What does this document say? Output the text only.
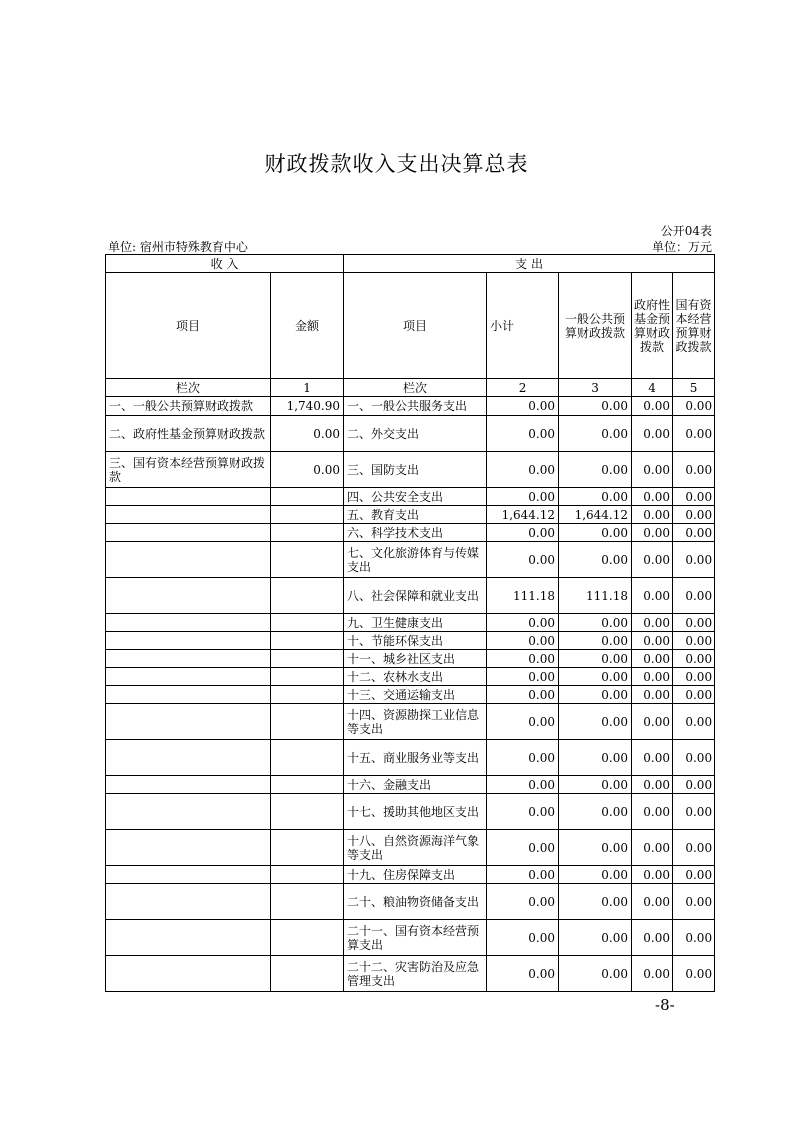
财政拨款收入支出决算总表
公开04表
单位: 宿州市特殊教育中心	单位：万元
收 入		支 出				
项目	金额	项目	小计	一般公共预算财政拨款	政府性基金预算财政拨款	国有资本经营预算财政拨款
栏次	1	栏次	2	3	4	5
一、一般公共预算财政拨款	1,740.90	一、一般公共服务支出	0.00	0.00	0.00	0.00
二、政府性基金预算财政拨款	0.00	二、外交支出	0.00	0.00	0.00	0.00
三、国有资本经营预算财政拨款	0.00	三、国防支出	0.00	0.00	0.00	0.00
		四、公共安全支出	0.00	0.00	0.00	0.00
		五、教育支出	1,644.12	1,644.12	0.00	0.00
		六、科学技术支出	0.00	0.00	0.00	0.00
		七、文化旅游体育与传媒支出	0.00	0.00	0.00	0.00
		八、社会保障和就业支出	111.18	111.18	0.00	0.00
		九、卫生健康支出	0.00	0.00	0.00	0.00
		十、节能环保支出	0.00	0.00	0.00	0.00
		十一、城乡社区支出	0.00	0.00	0.00	0.00
		十二、农林水支出	0.00	0.00	0.00	0.00
		十三、交通运输支出	0.00	0.00	0.00	0.00
		十四、资源勘探工业信息等支出	0.00	0.00	0.00	0.00
		十五、商业服务业等支出	0.00	0.00	0.00	0.00
		十六、金融支出	0.00	0.00	0.00	0.00
		十七、援助其他地区支出	0.00	0.00	0.00	0.00
		十八、自然资源海洋气象等支出	0.00	0.00	0.00	0.00
		十九、住房保障支出	0.00	0.00	0.00	0.00
		二十、粮油物资储备支出	0.00	0.00	0.00	0.00
		二十一、国有资本经营预算支出	0.00	0.00	0.00	0.00
		二十二、灾害防治及应急管理支出	0.00	0.00	0.00	0.00
-8-
